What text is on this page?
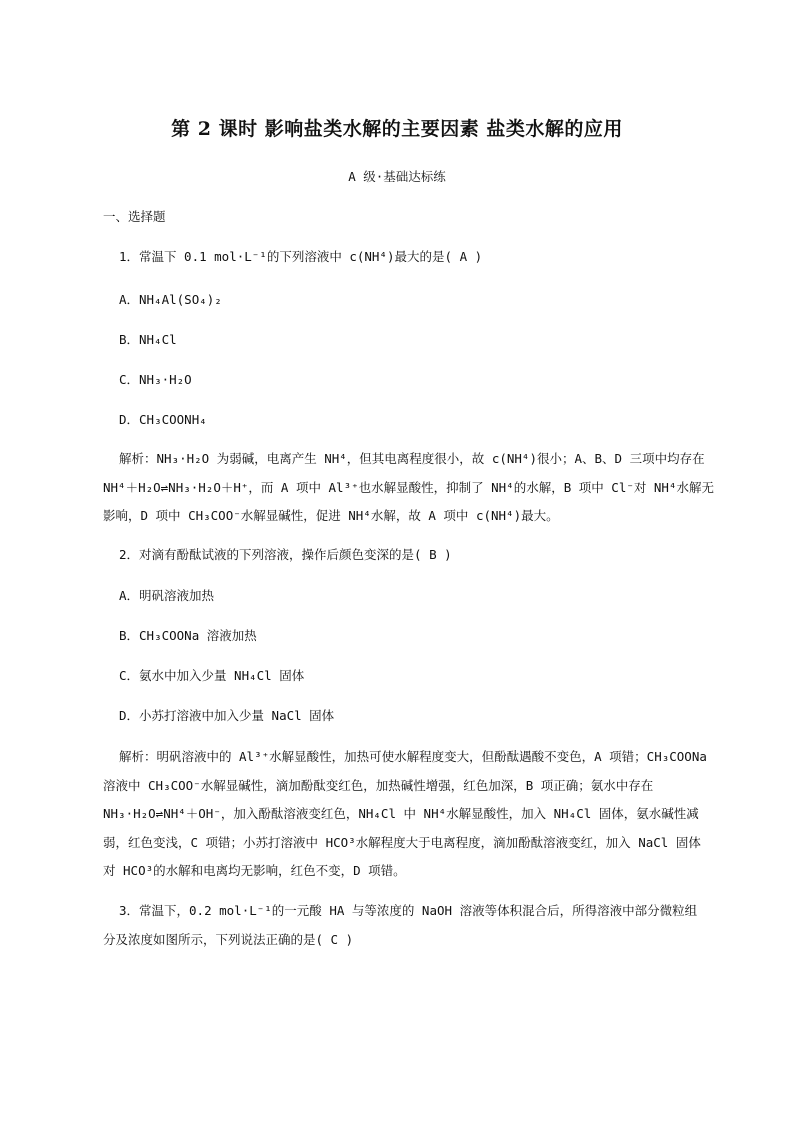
第 2 课时 影响盐类水解的主要因素 盐类水解的应用
A 级·基础达标练
一、选择题
1．常温下 0.1 mol·L⁻¹的下列溶液中 c(NH⁴)最大的是( A )
A．NH₄Al(SO₄)₂
B．NH₄Cl
C．NH₃·H₂O
D．CH₃COONH₄

解析：NH₃·H₂O 为弱碱，电离产生 NH⁴，但其电离程度很小，故 c(NH⁴)很小；A、B、D 三项中均存在

NH⁴＋H₂O⇌NH₃·H₂O＋H⁺，而 A 项中 Al³⁺也水解显酸性，抑制了 NH⁴的水解，B 项中 Cl⁻对 NH⁴水解无

影响，D 项中 CH₃COO⁻水解显碱性，促进 NH⁴水解，故 A 项中 c(NH⁴)最大。

2．对滴有酚酞试液的下列溶液，操作后颜色变深的是( B )
A．明矾溶液加热
B．CH₃COONa 溶液加热
C．氨水中加入少量 NH₄Cl 固体
D．小苏打溶液中加入少量 NaCl 固体

解析：明矾溶液中的 Al³⁺水解显酸性，加热可使水解程度变大，但酚酞遇酸不变色，A 项错；CH₃COONa

溶液中 CH₃COO⁻水解显碱性，滴加酚酞变红色，加热碱性增强，红色加深，B 项正确；氨水中存在

NH₃·H₂O⇌NH⁴＋OH⁻，加入酚酞溶液变红色，NH₄Cl 中 NH⁴水解显酸性，加入 NH₄Cl 固体，氨水碱性减

弱，红色变浅，C 项错；小苏打溶液中 HCO³水解程度大于电离程度，滴加酚酞溶液变红，加入 NaCl 固体

对 HCO³的水解和电离均无影响，红色不变，D 项错。

3．常温下，0.2 mol·L⁻¹的一元酸 HA 与等浓度的 NaOH 溶液等体积混合后，所得溶液中部分微粒组

分及浓度如图所示，下列说法正确的是( C )
